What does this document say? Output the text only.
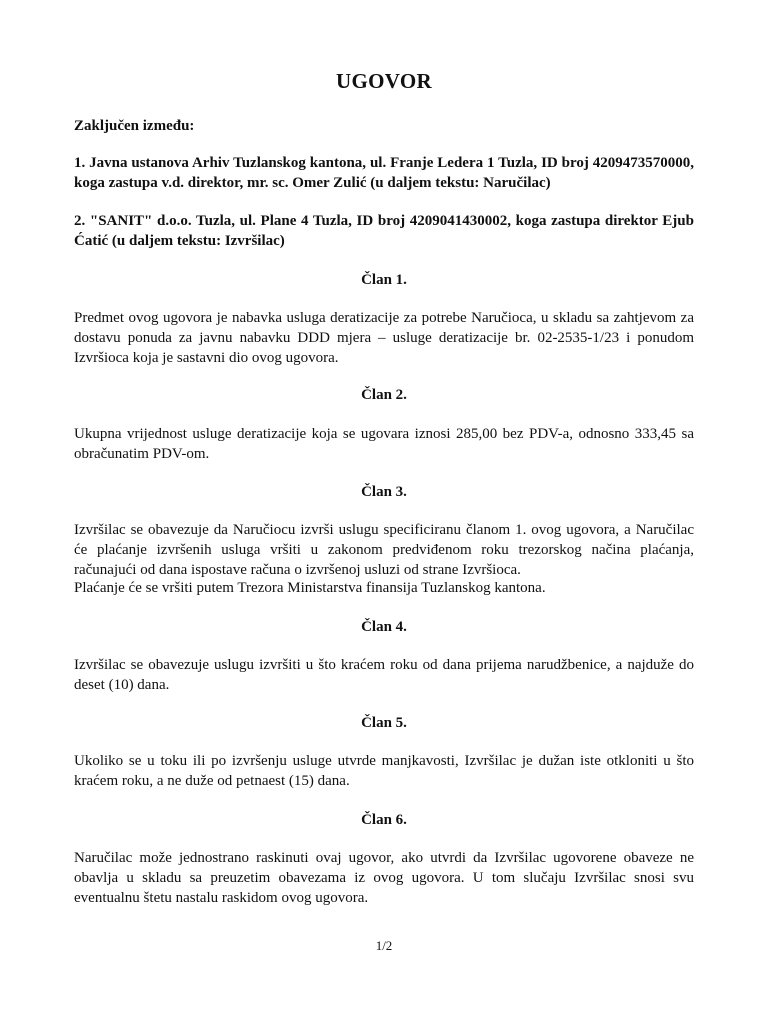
UGOVOR

Zaključen između:

1. Javna ustanova Arhiv Tuzlanskog kantona, ul. Franje Ledera 1 Tuzla, ID broj 4209473570000, koga zastupa v.d. direktor, mr. sc. Omer Zulić (u daljem tekstu: Naručilac)

2. "SANIT" d.o.o. Tuzla, ul. Plane 4 Tuzla, ID broj 4209041430002, koga zastupa direktor Ejub Ćatić (u daljem tekstu: Izvršilac)

Član 1.

Predmet ovog ugovora je nabavka usluga deratizacije za potrebe Naručioca, u skladu sa zahtjevom za dostavu ponuda za javnu nabavku DDD mjera – usluge deratizacije br. 02-2535-1/23 i ponudom Izvršioca koja je sastavni dio ovog ugovora.

Član 2.

Ukupna vrijednost usluge deratizacije koja se ugovara iznosi 285,00 bez PDV-a, odnosno 333,45 sa obračunatim PDV-om.

Član 3.

Izvršilac se obavezuje da Naručiocu izvrši uslugu specificiranu članom 1. ovog ugovora, a Naručilac će plaćanje izvršenih usluga vršiti u zakonom predviđenom roku trezorskog načina plaćanja, računajući od dana ispostave računa o izvršenoj usluzi od strane Izvršioca.

Plaćanje će se vršiti putem Trezora Ministarstva finansija Tuzlanskog kantona.

Član 4.

Izvršilac se obavezuje uslugu izvršiti u što kraćem roku od dana prijema narudžbenice, a najduže do deset (10) dana.

Član 5.

Ukoliko se u toku ili po izvršenju usluge utvrde manjkavosti, Izvršilac je dužan iste otkloniti u što kraćem roku, a ne duže od petnaest (15) dana.

Član 6.

Naručilac može jednostrano raskinuti ovaj ugovor, ako utvrdi da Izvršilac ugovorene obaveze ne obavlja u skladu sa preuzetim obavezama iz ovog ugovora. U tom slučaju Izvršilac snosi svu eventualnu štetu nastalu raskidom ovog ugovora.

1/2
